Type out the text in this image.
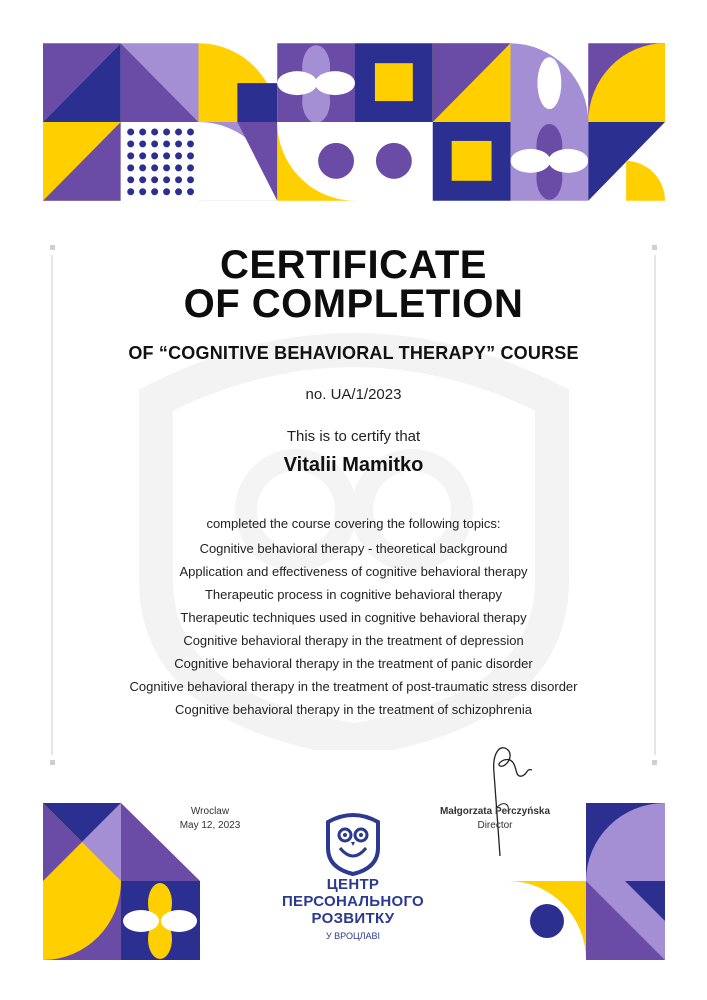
CERTIFICATE
OF COMPLETION
OF “COGNITIVE BEHAVIORAL THERAPY” COURSE
no. UA/1/2023
This is to certify that
Vitalii Mamitko
completed the course covering the following topics:
Cognitive behavioral therapy - theoretical background
Application and effectiveness of cognitive behavioral therapy
Therapeutic process in cognitive behavioral therapy
Therapeutic techniques used in cognitive behavioral therapy
Cognitive behavioral therapy in the treatment of depression
Cognitive behavioral therapy in the treatment of panic disorder
Cognitive behavioral therapy in the treatment of post-traumatic stress disorder
Cognitive behavioral therapy in the treatment of schizophrenia
Wroclaw
May 12, 2023
Małgorzata Perczyńska
Director
ЦЕНТР
ПЕРСОНАЛЬНОГО
РОЗВИТКУ
У ВРОЦЛАВІ
